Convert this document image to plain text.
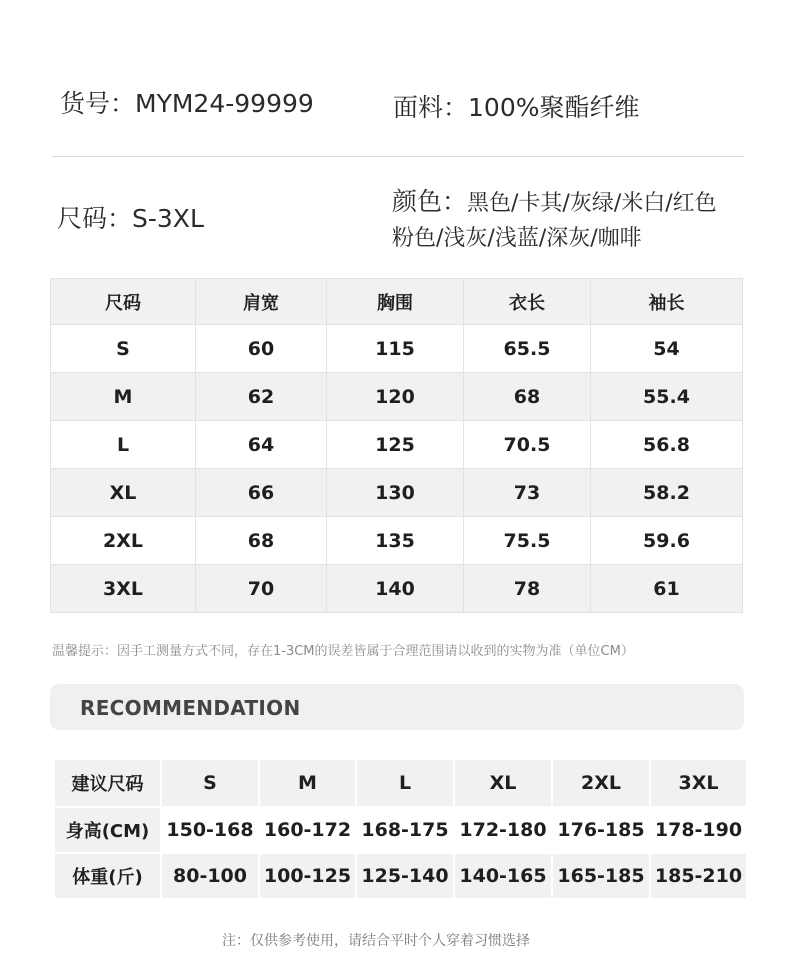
货号：MYM24-99999	面料：100%聚酯纤维
尺码：S-3XL
颜色：黑色/卡其/灰绿/米白/红色
粉色/浅灰/浅蓝/深灰/咖啡
尺码	肩宽	胸围	衣长	袖长
S	60	115	65.5	54
M	62	120	68	55.4
L	64	125	70.5	56.8
XL	66	130	73	58.2
2XL	68	135	75.5	59.6
3XL	70	140	78	61
温馨提示：因手工测量方式不同，存在1-3CM的误差皆属于合理范围请以收到的实物为准（单位CM）
RECOMMENDATION
建议尺码	S	M	L	XL	2XL	3XL
身高(CM)	150-168	160-172	168-175	172-180	176-185	178-190
体重(斤)	80-100	100-125	125-140	140-165	165-185	185-210
注：仅供参考使用，请结合平时个人穿着习惯选择
